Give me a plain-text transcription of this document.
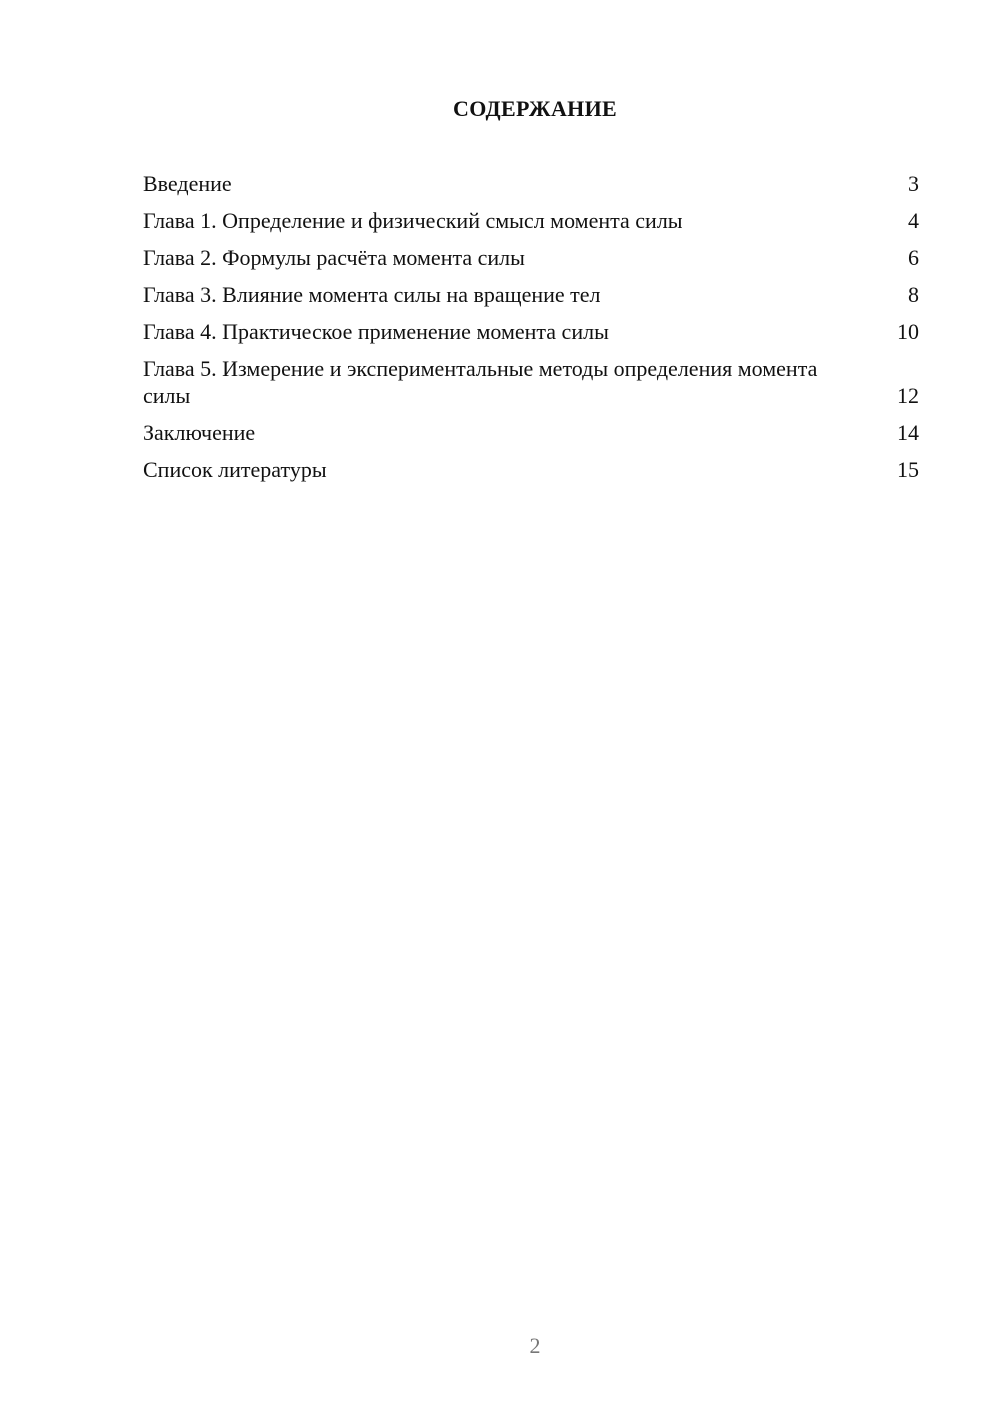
СОДЕРЖАНИЕ
Введение	3
Глава 1. Определение и физический смысл момента силы	4
Глава 2. Формулы расчёта момента силы	6
Глава 3. Влияние момента силы на вращение тел	8
Глава 4. Практическое применение момента силы	10
Глава 5. Измерение и экспериментальные методы определения момента силы	12
Заключение	14
Список литературы	15
2
